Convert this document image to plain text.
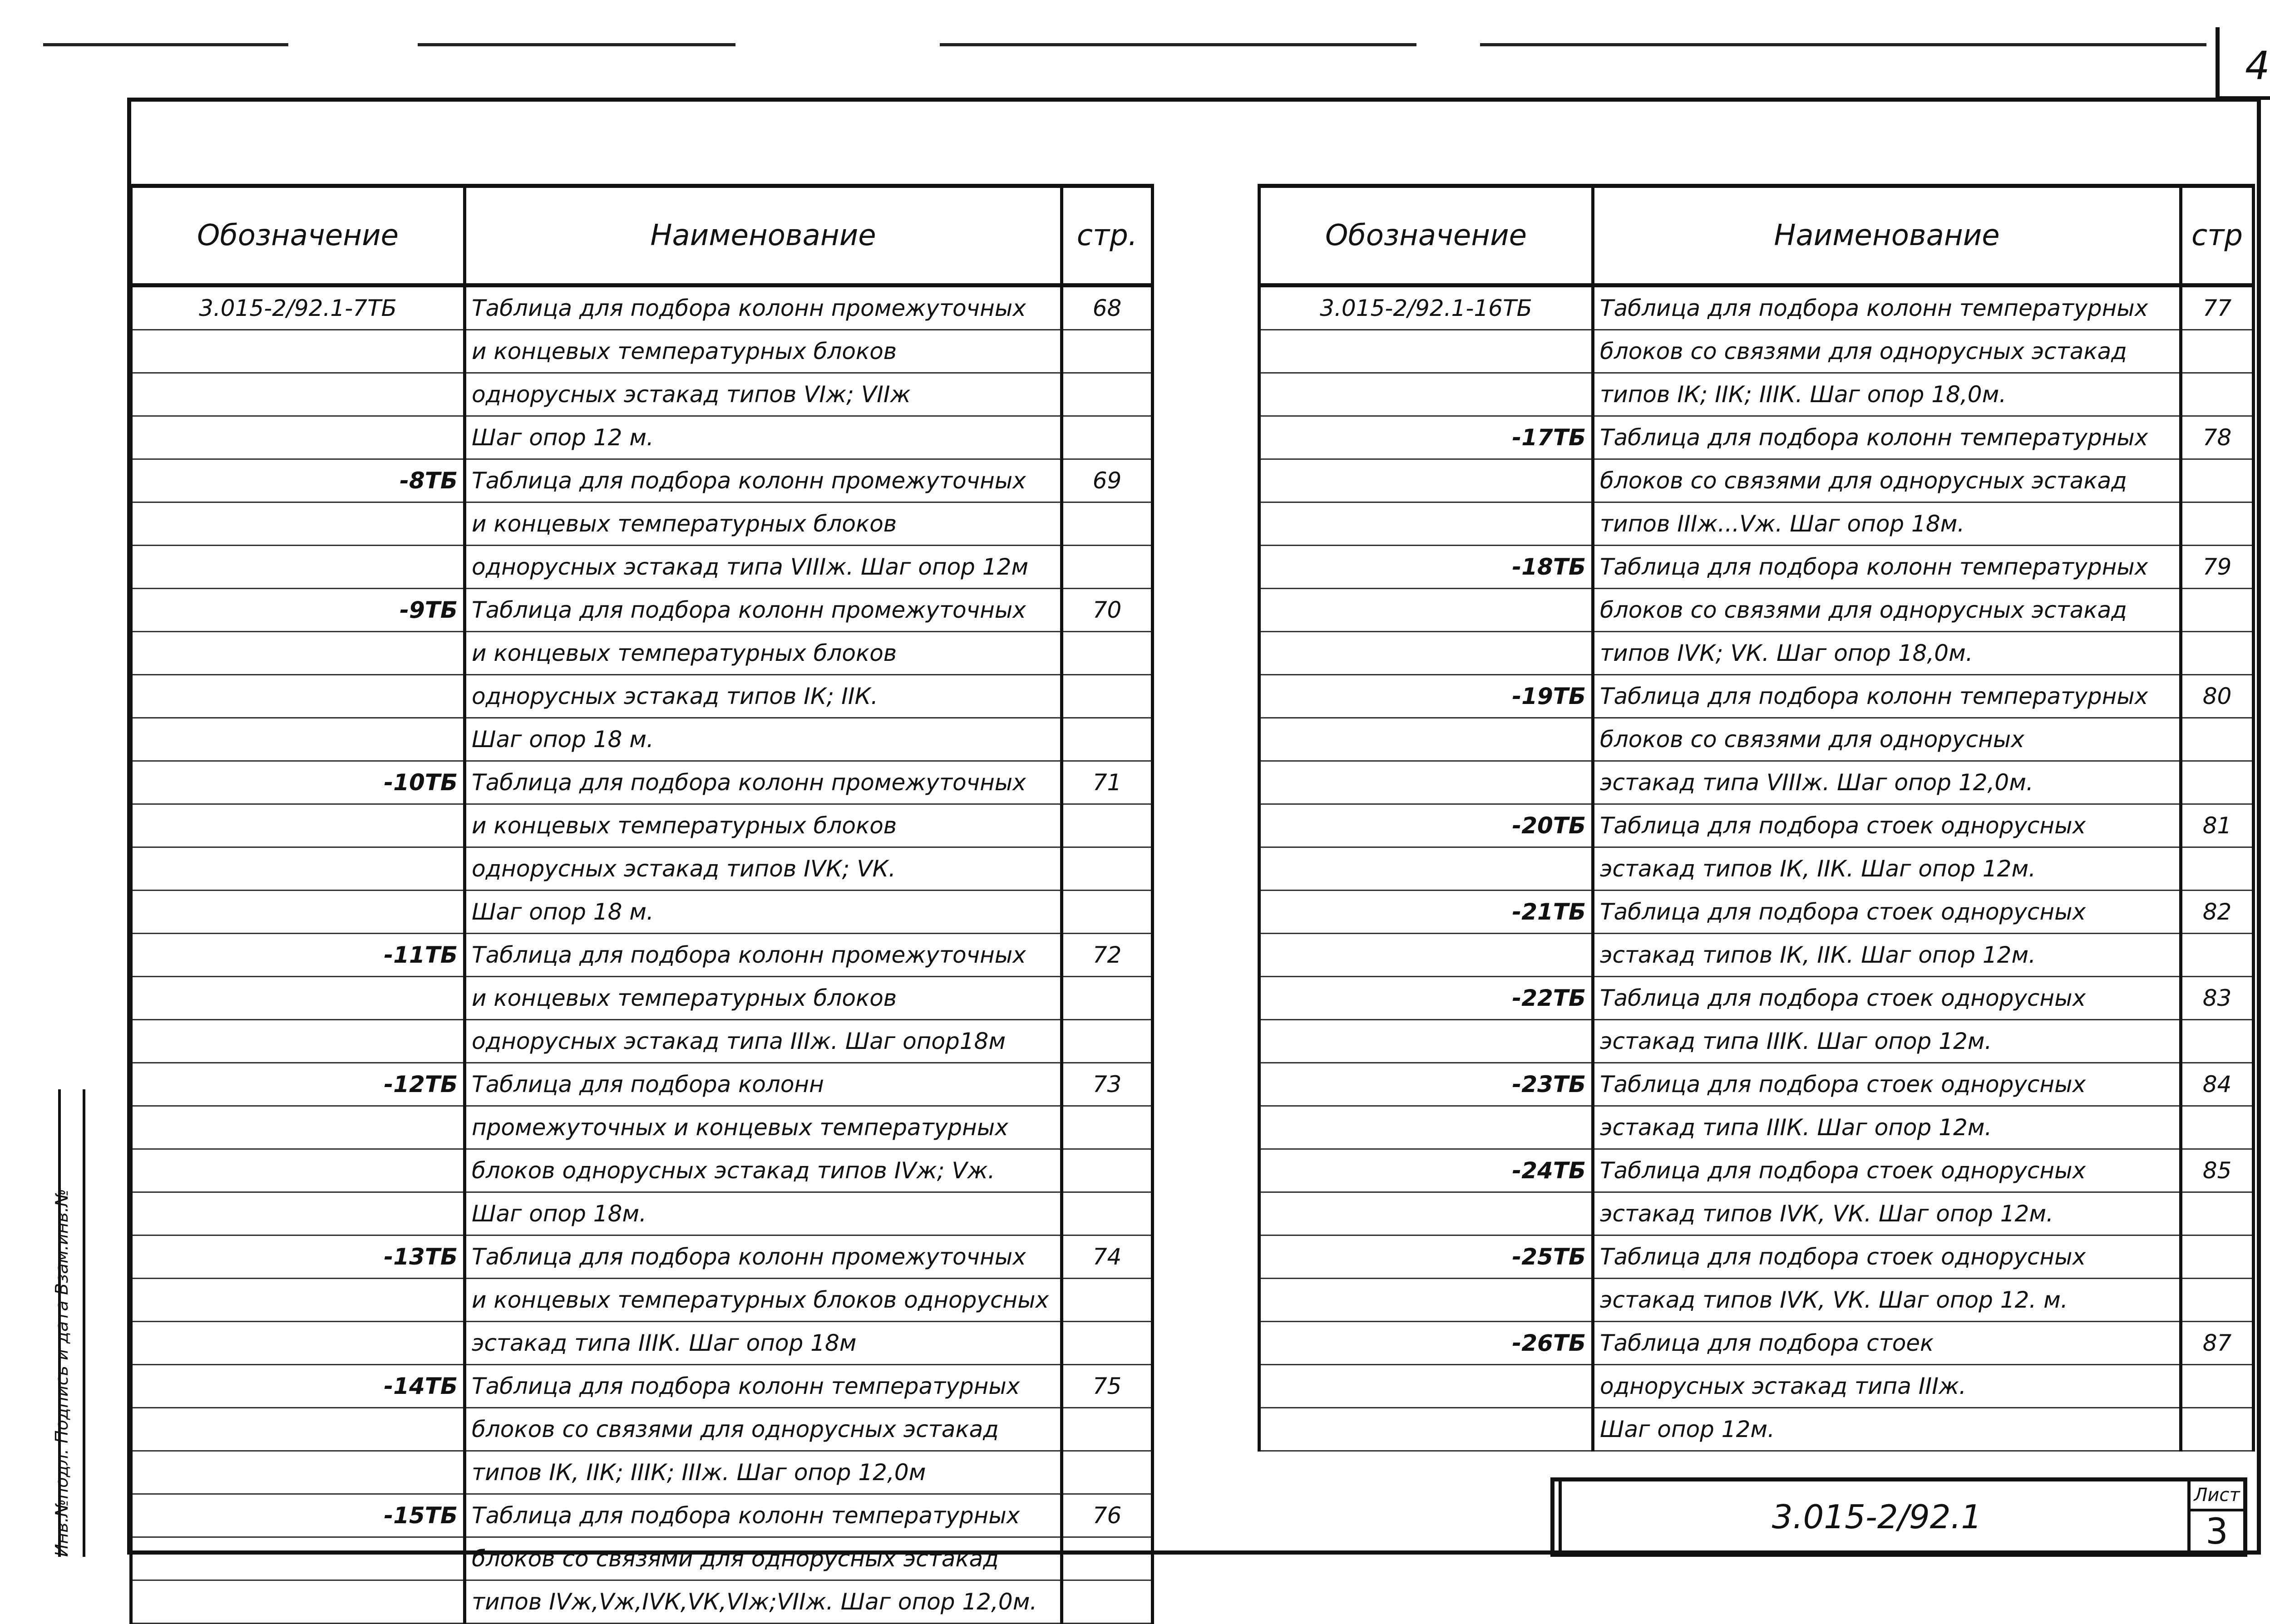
4
Обозначение	Наименование	стр.
3.015-2/92.1-7ТБ	Таблица для подбора колонн промежуточных	68
	и концевых температурных блоков	
	однорусных эстакад типов VIж; VIIж	
	Шаг опор 12 м.	
-8ТБ	Таблица для подбора колонн промежуточных	69
	и концевых температурных блоков	
	однорусных эстакад типа VIIIж. Шаг опор 12м	
-9ТБ	Таблица для подбора колонн промежуточных	70
	и концевых температурных блоков	
	однорусных эстакад типов IК; IIК.	
	Шаг опор 18 м.	
-10ТБ	Таблица для подбора колонн промежуточных	71
	и концевых температурных блоков	
	однорусных эстакад типов IVК; VК.	
	Шаг опор 18 м.	
-11ТБ	Таблица для подбора колонн промежуточных	72
	и концевых температурных блоков	
	однорусных эстакад типа IIIж. Шаг опор18м	
-12ТБ	Таблица для подбора колонн	73
	промежуточных и концевых температурных	
	блоков однорусных эстакад типов IVж; Vж.	
	Шаг опор 18м.	
-13ТБ	Таблица для подбора колонн промежуточных	74
	и концевых температурных блоков однорусных	
	эстакад типа IIIК. Шаг опор 18м	
-14ТБ	Таблица для подбора колонн температурных	75
	блоков со связями для однорусных эстакад	
	типов IК, IIК; IIIК; IIIж. Шаг опор 12,0м	
-15ТБ	Таблица для подбора колонн температурных	76
	блоков со связями для однорусных эстакад	
	типов IVж,Vж,IVК,VК,VIж;VIIж. Шаг опор 12,0м.	
Обозначение	Наименование	стр
3.015-2/92.1-16ТБ	Таблица для подбора колонн температурных	77
	блоков со связями для однорусных эстакад	
	типов IК; IIК; IIIК. Шаг опор 18,0м.	
-17ТБ	Таблица для подбора колонн температурных	78
	блоков со связями для однорусных эстакад	
	типов IIIж...Vж. Шаг опор 18м.	
-18ТБ	Таблица для подбора колонн температурных	79
	блоков со связями для однорусных эстакад	
	типов IVК; VК. Шаг опор 18,0м.	
-19ТБ	Таблица для подбора колонн температурных	80
	блоков со связями для однорусных	
	эстакад типа VIIIж. Шаг опор 12,0м.	
-20ТБ	Таблица для подбора стоек однорусных	81
	эстакад типов IК, IIК. Шаг опор 12м.	
-21ТБ	Таблица для подбора стоек однорусных	82
	эстакад типов IК, IIК. Шаг опор 12м.	
-22ТБ	Таблица для подбора стоек однорусных	83
	эстакад типа IIIК. Шаг опор 12м.	
-23ТБ	Таблица для подбора стоек однорусных	84
	эстакад типа IIIК. Шаг опор 12м.	
-24ТБ	Таблица для подбора стоек однорусных	85
	эстакад типов IVК, VК. Шаг опор 12м.	
-25ТБ	Таблица для подбора стоек однорусных	
	эстакад типов IVК, VК. Шаг опор 12. м.	
-26ТБ	Таблица для подбора стоек	87
	однорусных эстакад типа IIIж.	
	Шаг опор 12м.	
Инв.№подл. Подпись и дата Взам.инв.№	3.015-2/92.1
Лист
3
